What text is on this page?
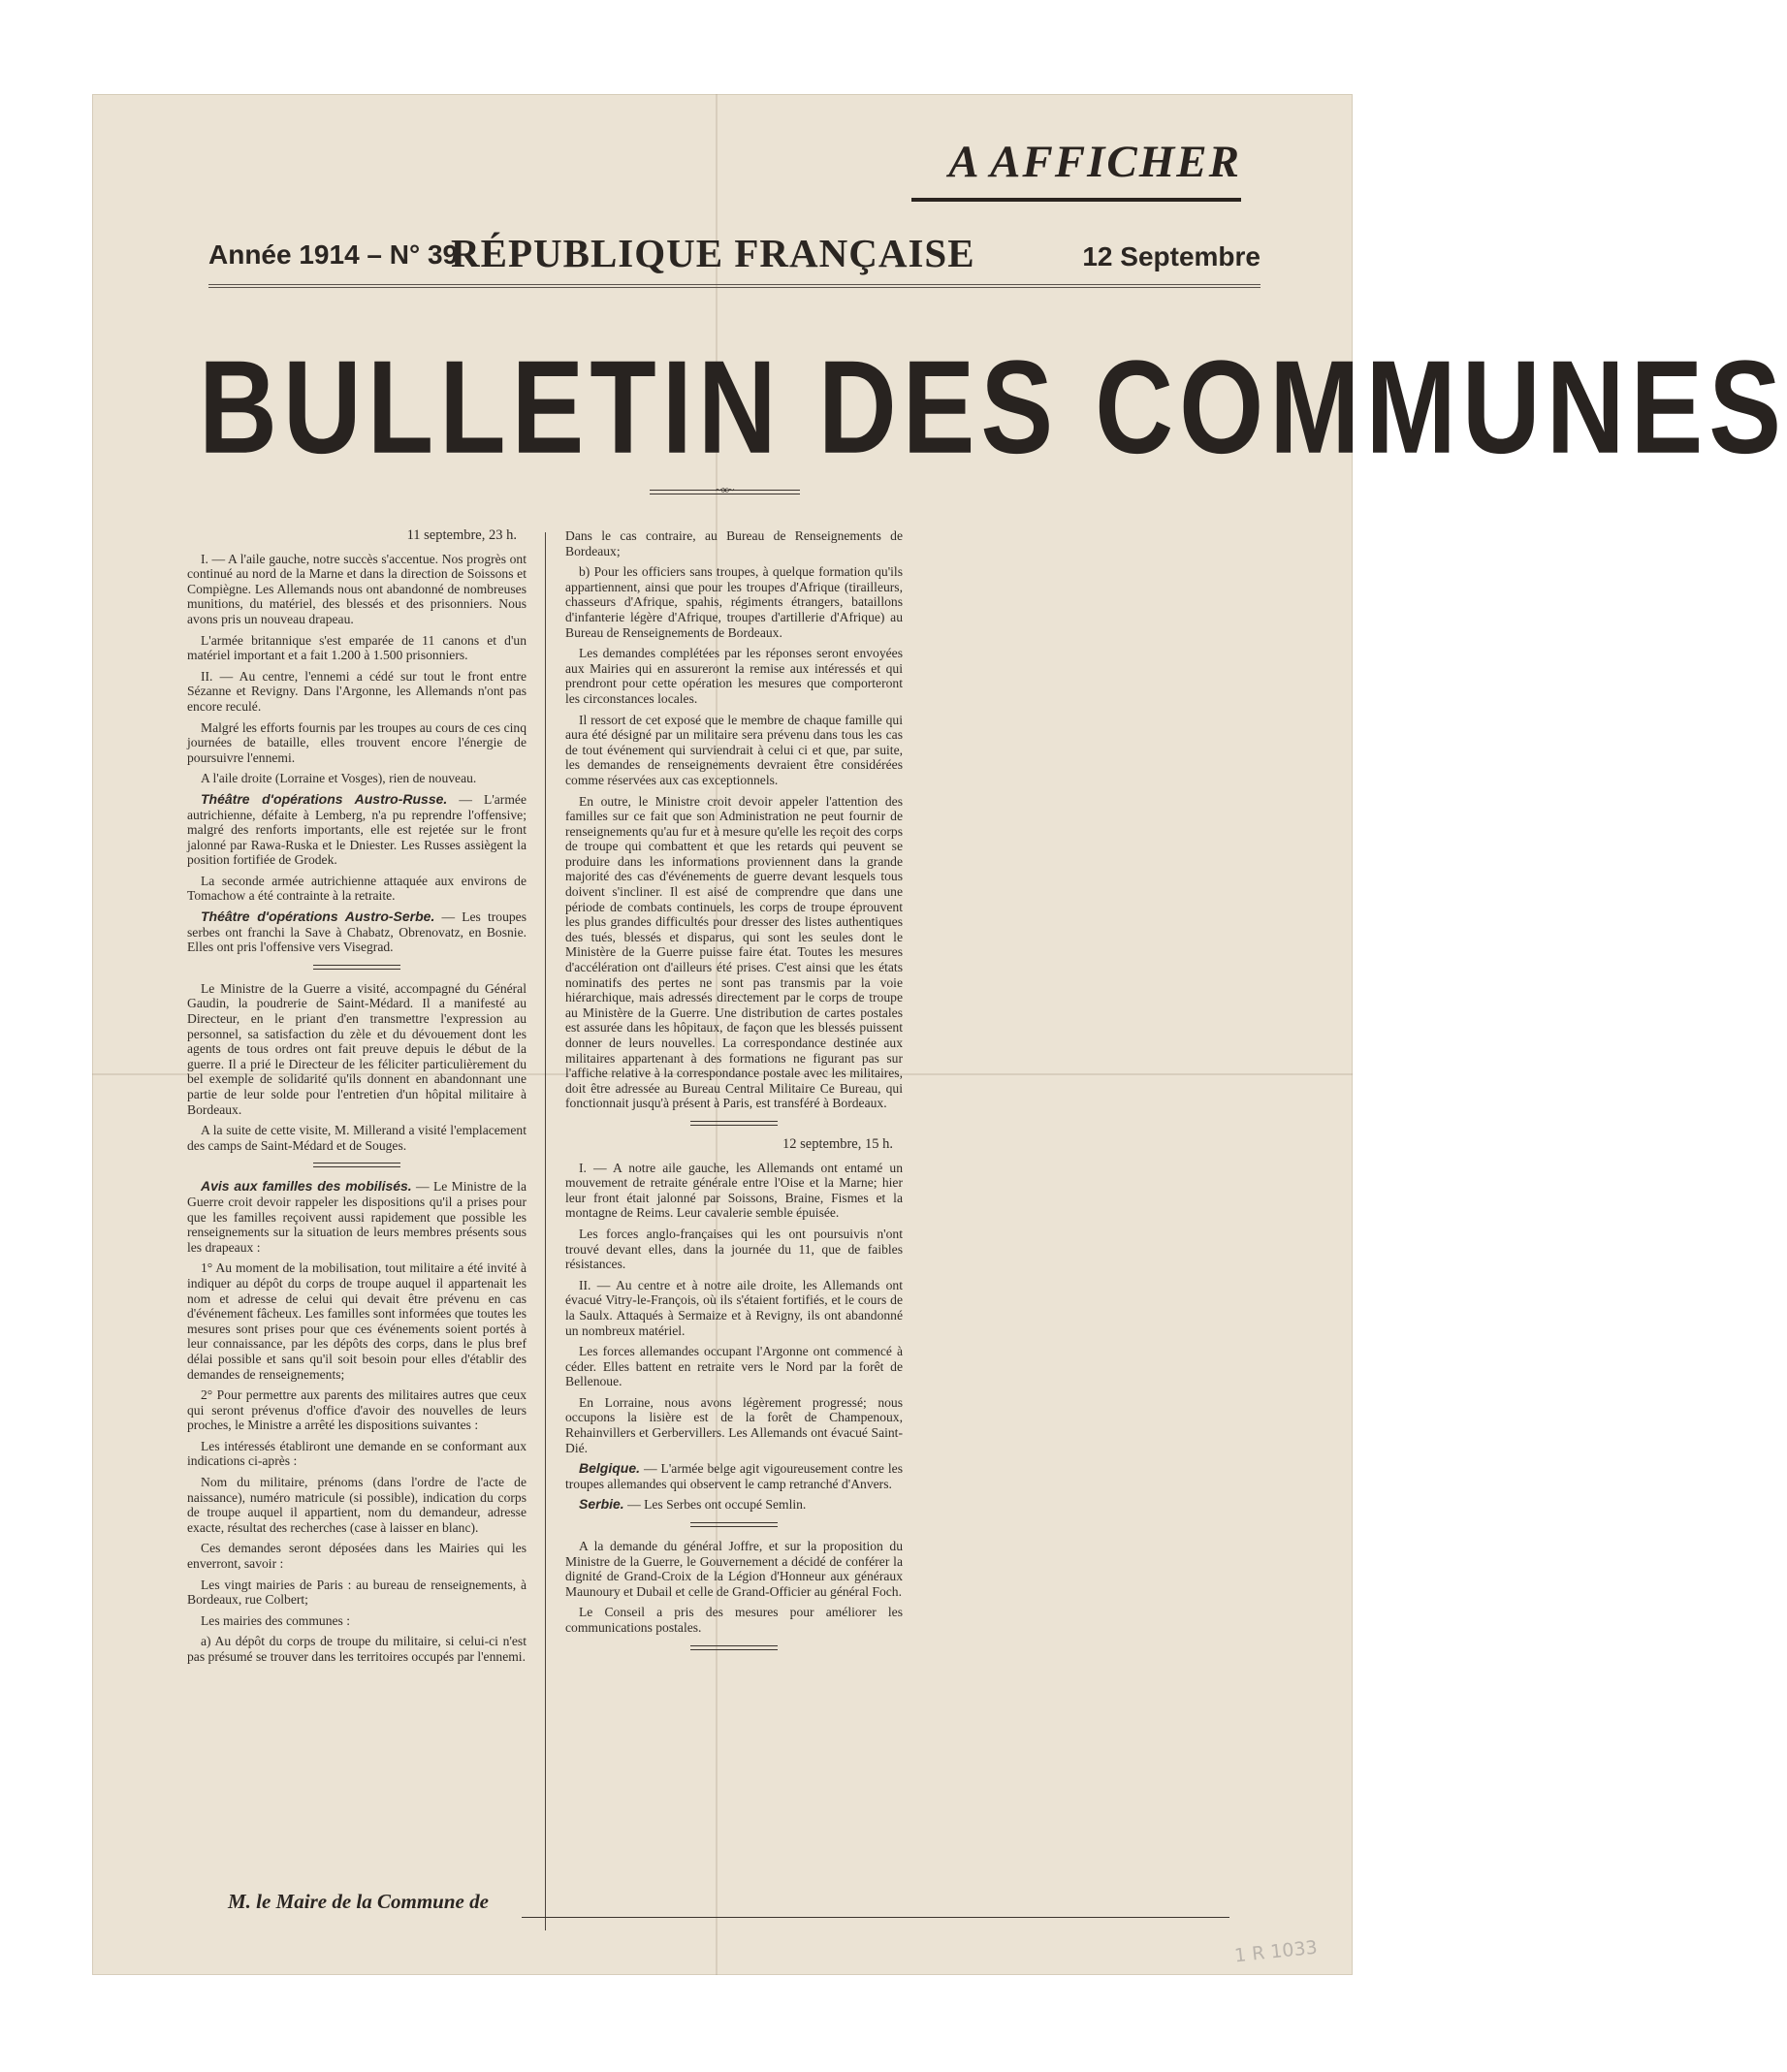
A AFFICHER
Année 1914 – N° 39
RÉPUBLIQUE FRANÇAISE	12 Septembre
BULLETIN DES COMMUNES
~∞~
11 septembre, 23 h.

I. — A l'aile gauche, notre succès s'accentue. Nos progrès ont continué au nord de la Marne et dans la direction de Soissons et Compiègne. Les Allemands nous ont abandonné de nombreuses munitions, du matériel, des blessés et des prisonniers. Nous avons pris un nouveau drapeau.

L'armée britannique s'est emparée de 11 canons et d'un matériel important et a fait 1.200 à 1.500 prisonniers.

II. — Au centre, l'ennemi a cédé sur tout le front entre Sézanne et Revigny. Dans l'Argonne, les Allemands n'ont pas encore reculé.

Malgré les efforts fournis par les troupes au cours de ces cinq journées de bataille, elles trouvent encore l'énergie de poursuivre l'ennemi.

A l'aile droite (Lorraine et Vosges), rien de nouveau.

Théâtre d'opérations Austro-Russe. — L'armée autrichienne, défaite à Lemberg, n'a pu reprendre l'offensive; malgré des renforts importants, elle est rejetée sur le front jalonné par Rawa-Ruska et le Dniester. Les Russes assiègent la position fortifiée de Grodek.

La seconde armée autrichienne attaquée aux environs de Tomachow a été contrainte à la retraite.

Théâtre d'opérations Austro-Serbe. — Les troupes serbes ont franchi la Save à Chabatz, Obrenovatz, en Bosnie. Elles ont pris l'offensive vers Visegrad.

Le Ministre de la Guerre a visité, accompagné du Général Gaudin, la poudrerie de Saint-Médard. Il a manifesté au Directeur, en le priant d'en transmettre l'expression au personnel, sa satisfaction du zèle et du dévouement dont les agents de tous ordres ont fait preuve depuis le début de la guerre. Il a prié le Directeur de les féliciter particulièrement du bel exemple de solidarité qu'ils donnent en abandonnant une partie de leur solde pour l'entretien d'un hôpital militaire à Bordeaux.

A la suite de cette visite, M. Millerand a visité l'emplacement des camps de Saint-Médard et de Souges.

Avis aux familles des mobilisés. — Le Ministre de la Guerre croit devoir rappeler les dispositions qu'il a prises pour que les familles reçoivent aussi rapidement que possible les renseignements sur la situation de leurs membres présents sous les drapeaux :

1° Au moment de la mobilisation, tout militaire a été invité à indiquer au dépôt du corps de troupe auquel il appartenait les nom et adresse de celui qui devait être prévenu en cas d'événement fâcheux. Les familles sont informées que toutes les mesures sont prises pour que ces événements soient portés à leur connaissance, par les dépôts des corps, dans le plus bref délai possible et sans qu'il soit besoin pour elles d'établir des demandes de renseignements;

2° Pour permettre aux parents des militaires autres que ceux qui seront prévenus d'office d'avoir des nouvelles de leurs proches, le Ministre a arrêté les dispositions suivantes :

Les intéressés établiront une demande en se conformant aux indications ci-après :

Nom du militaire, prénoms (dans l'ordre de l'acte de naissance), numéro matricule (si possible), indication du corps de troupe auquel il appartient, nom du demandeur, adresse exacte, résultat des recherches (case à laisser en blanc).

Ces demandes seront déposées dans les Mairies qui les enverront, savoir :

Les vingt mairies de Paris : au bureau de renseignements, à Bordeaux, rue Colbert;

Les mairies des communes :

a) Au dépôt du corps de troupe du militaire, si celui-ci n'est pas présumé se trouver dans les territoires occupés par l'ennemi.

Dans le cas contraire, au Bureau de Renseignements de Bordeaux;

b) Pour les officiers sans troupes, à quelque formation qu'ils appartiennent, ainsi que pour les troupes d'Afrique (tirailleurs, chasseurs d'Afrique, spahis, régiments étrangers, bataillons d'infanterie légère d'Afrique, troupes d'artillerie d'Afrique) au Bureau de Renseignements de Bordeaux.

Les demandes complétées par les réponses seront envoyées aux Mairies qui en assureront la remise aux intéressés et qui prendront pour cette opération les mesures que comporteront les circonstances locales.

Il ressort de cet exposé que le membre de chaque famille qui aura été désigné par un militaire sera prévenu dans tous les cas de tout événement qui surviendrait à celui ci et que, par suite, les demandes de renseignements devraient être considérées comme réservées aux cas exceptionnels.

En outre, le Ministre croit devoir appeler l'attention des familles sur ce fait que son Administration ne peut fournir de renseignements qu'au fur et à mesure qu'elle les reçoit des corps de troupe qui combattent et que les retards qui peuvent se produire dans les informations proviennent dans la grande majorité des cas d'événements de guerre devant lesquels tous doivent s'incliner. Il est aisé de comprendre que dans une période de combats continuels, les corps de troupe éprouvent les plus grandes difficultés pour dresser des listes authentiques des tués, blessés et disparus, qui sont les seules dont le Ministère de la Guerre puisse faire état. Toutes les mesures d'accélération ont d'ailleurs été prises. C'est ainsi que les états nominatifs des pertes ne sont pas transmis par la voie hiérarchique, mais adressés directement par le corps de troupe au Ministère de la Guerre. Une distribution de cartes postales est assurée dans les hôpitaux, de façon que les blessés puissent donner de leurs nouvelles. La correspondance destinée aux militaires appartenant à des formations ne figurant pas sur l'affiche relative à la correspondance postale avec les militaires, doit être adressée au Bureau Central Militaire Ce Bureau, qui fonctionnait jusqu'à présent à Paris, est transféré à Bordeaux.

12 septembre, 15 h.

I. — A notre aile gauche, les Allemands ont entamé un mouvement de retraite générale entre l'Oise et la Marne; hier leur front était jalonné par Soissons, Braine, Fismes et la montagne de Reims. Leur cavalerie semble épuisée.

Les forces anglo-françaises qui les ont poursuivis n'ont trouvé devant elles, dans la journée du 11, que de faibles résistances.

II. — Au centre et à notre aile droite, les Allemands ont évacué Vitry-le-François, où ils s'étaient fortifiés, et le cours de la Saulx. Attaqués à Sermaize et à Revigny, ils ont abandonné un nombreux matériel.

Les forces allemandes occupant l'Argonne ont commencé à céder. Elles battent en retraite vers le Nord par la forêt de Bellenoue.

En Lorraine, nous avons légèrement progressé; nous occupons la lisière est de la forêt de Champenoux, Rehainvillers et Gerbervillers. Les Allemands ont évacué Saint-Dié.

Belgique. — L'armée belge agit vigoureusement contre les troupes allemandes qui observent le camp retranché d'Anvers.

Serbie. — Les Serbes ont occupé Semlin.

A la demande du général Joffre, et sur la proposition du Ministre de la Guerre, le Gouvernement a décidé de conférer la dignité de Grand-Croix de la Légion d'Honneur aux généraux Maunoury et Dubail et celle de Grand-Officier au général Foch.

Le Conseil a pris des mesures pour améliorer les communications postales.

M. le Maire de la Commune de
1 R 1033
